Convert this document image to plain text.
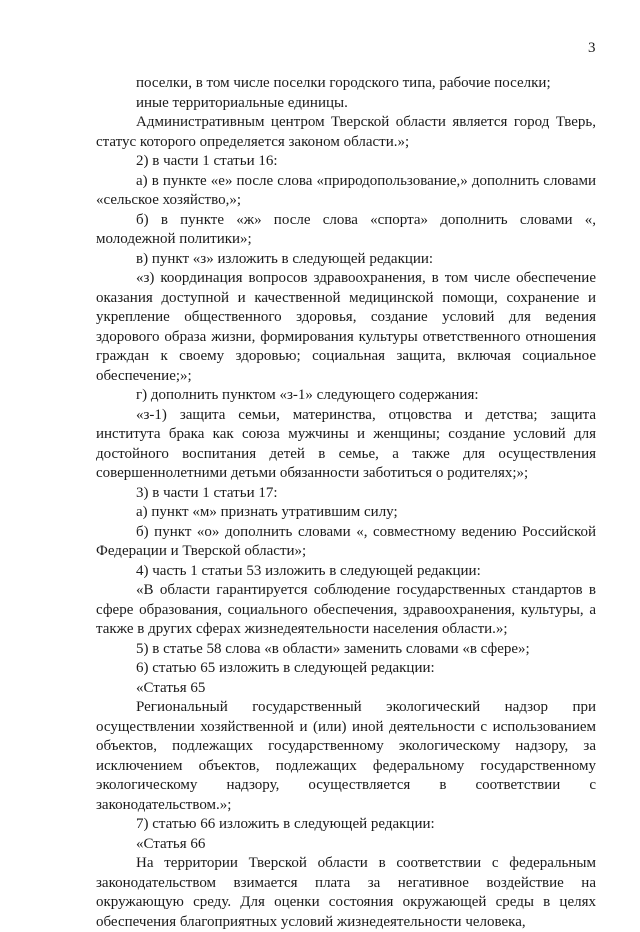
3

поселки, в том числе поселки городского типа, рабочие поселки;

иные территориальные единицы.

Административным центром Тверской области является город Тверь, статус которого определяется законом области.»;

2) в части 1 статьи 16:

а) в пункте «е» после слова «природопользование,» дополнить словами «сельское хозяйство,»;

б) в пункте «ж» после слова «спорта» дополнить словами «, молодежной политики»;

в) пункт «з» изложить в следующей редакции:

«з) координация вопросов здравоохранения, в том числе обеспечение оказания доступной и качественной медицинской помощи, сохранение и укрепление общественного здоровья, создание условий для ведения здорового образа жизни, формирования культуры ответственного отношения граждан к своему здоровью; социальная защита, включая социальное обеспечение;»;

г) дополнить пунктом «з-1» следующего содержания:

«з-1) защита семьи, материнства, отцовства и детства; защита института брака как союза мужчины и женщины; создание условий для достойного воспитания детей в семье, а также для осуществления совершеннолетними детьми обязанности заботиться о родителях;»;

3) в части 1 статьи 17:

а) пункт «м» признать утратившим силу;

б) пункт «о» дополнить словами «, совместному ведению Российской Федерации и Тверской области»;

4) часть 1 статьи 53 изложить в следующей редакции:

«В области гарантируется соблюдение государственных стандартов в сфере образования, социального обеспечения, здравоохранения, культуры, а также в других сферах жизнедеятельности населения области.»;

5) в статье 58 слова «в области» заменить словами «в сфере»;

6) статью 65 изложить в следующей редакции:

«Статья 65

Региональный государственный экологический надзор при осуществлении хозяйственной и (или) иной деятельности с использованием объектов, подлежащих государственному экологическому надзору, за исключением объектов, подлежащих федеральному государственному экологическому надзору, осуществляется в соответствии с законодательством.»;

7) статью 66 изложить в следующей редакции:

«Статья 66

На территории Тверской области в соответствии с федеральным законодательством взимается плата за негативное воздействие на окружающую среду. Для оценки состояния окружающей среды в целях обеспечения благоприятных условий жизнедеятельности человека,
